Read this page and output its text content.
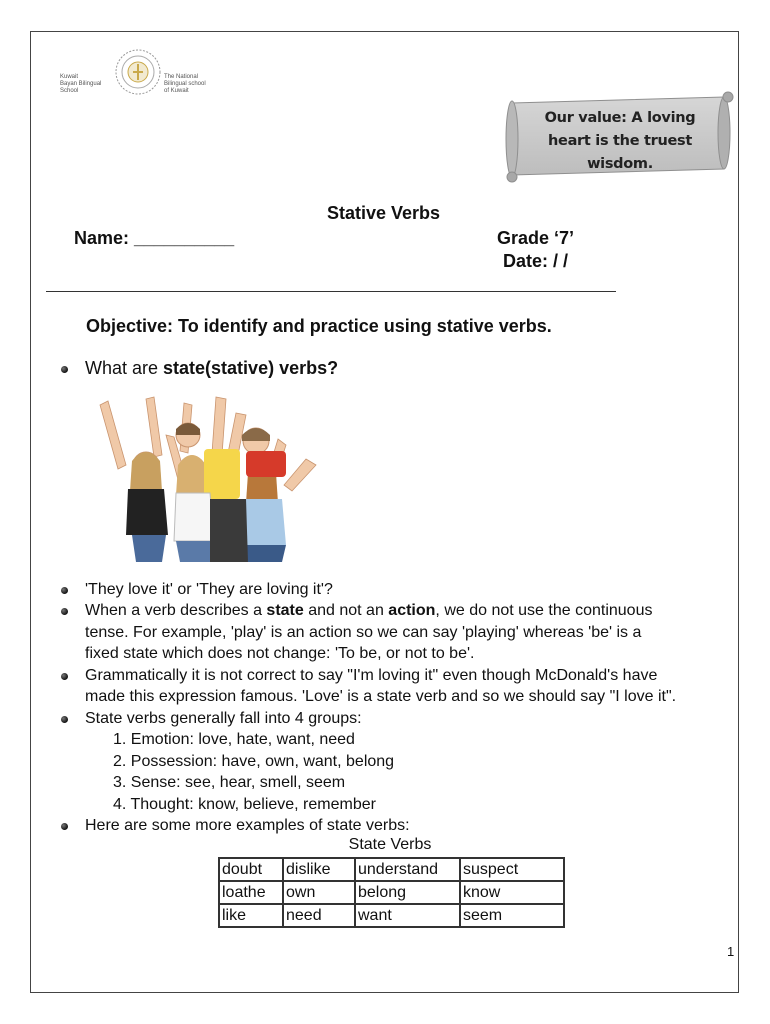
Kuwait
Bayan Bilingual
School
The National
Bilingual school
of Kuwait
Our value: A loving heart is the truest wisdom.
Stative Verbs
Name: __________	Grade ‘7’
Date: / /
Objective: To identify and practice using stative verbs.
What are state(stative) verbs?
'They love it' or 'They are loving it'?
When a verb describes a state and not an action, we do not use the continuous
tense. For example, 'play' is an action so we can say 'playing' whereas 'be' is a
fixed state which does not change: 'To be, or not to be'.
Grammatically it is not correct to say "I'm loving it" even though McDonald's have
made this expression famous. 'Love' is a state verb and so we should say "I love it".
State verbs generally fall into 4 groups:
1. Emotion: love, hate, want, need
2. Possession: have, own, want, belong
3. Sense: see, hear, smell, seem
4. Thought: know, believe, remember
Here are some more examples of state verbs:
State Verbs
doubt	dislike	understand	suspect
loathe	own	belong	know
like	need	want	seem
1
